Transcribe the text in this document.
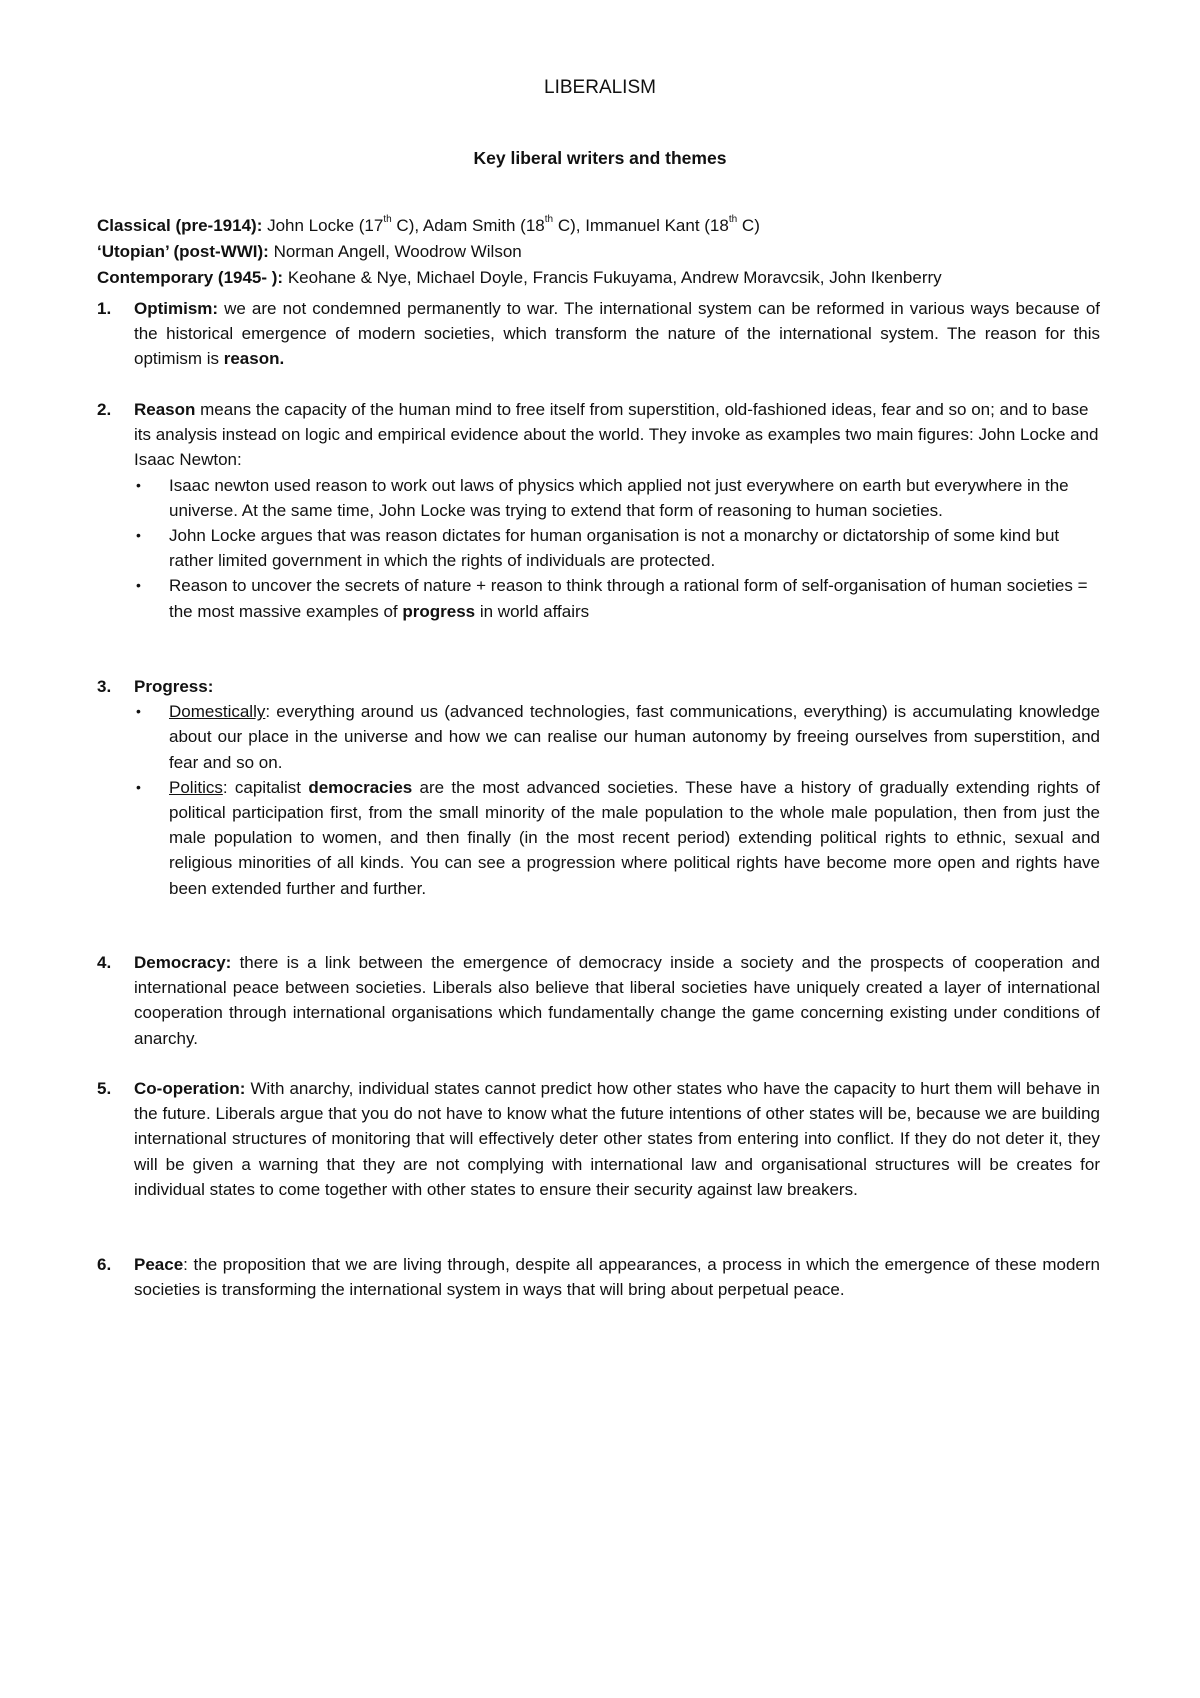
LIBERALISM
Key liberal writers and themes
Classical (pre-1914): John Locke (17th C), Adam Smith (18th C), Immanuel Kant (18th C)
‘Utopian’ (post-WWI): Norman Angell, Woodrow Wilson
Contemporary (1945- ): Keohane & Nye, Michael Doyle, Francis Fukuyama, Andrew Moravcsik, John Ikenberry
1.	Optimism: we are not condemned permanently to war. The international system can be reformed in various ways because of the historical emergence of modern societies, which transform the nature of the international system. The reason for this optimism is reason.
2.	Reason means the capacity of the human mind to free itself from superstition, old-fashioned ideas, fear and so on; and to base its analysis instead on logic and empirical evidence about the world. They invoke as examples two main figures: John Locke and Isaac Newton:
• Isaac newton used reason to work out laws of physics which applied not just everywhere on earth but everywhere in the universe. At the same time, John Locke was trying to extend that form of reasoning to human societies.
• John Locke argues that was reason dictates for human organisation is not a monarchy or dictatorship of some kind but rather limited government in which the rights of individuals are protected.
• Reason to uncover the secrets of nature + reason to think through a rational form of self-organisation of human societies = the most massive examples of progress in world affairs
3.	Progress:
• Domestically: everything around us (advanced technologies, fast communications, everything) is accumulating knowledge about our place in the universe and how we can realise our human autonomy by freeing ourselves from superstition, and fear and so on.
• Politics: capitalist democracies are the most advanced societies. These have a history of gradually extending rights of political participation first, from the small minority of the male population to the whole male population, then from just the male population to women, and then finally (in the most recent period) extending political rights to ethnic, sexual and religious minorities of all kinds. You can see a progression where political rights have become more open and rights have been extended further and further.
4.	Democracy: there is a link between the emergence of democracy inside a society and the prospects of cooperation and international peace between societies. Liberals also believe that liberal societies have uniquely created a layer of international cooperation through international organisations which fundamentally change the game concerning existing under conditions of anarchy.
5.	Co-operation: With anarchy, individual states cannot predict how other states who have the capacity to hurt them will behave in the future. Liberals argue that you do not have to know what the future intentions of other states will be, because we are building international structures of monitoring that will effectively deter other states from entering into conflict. If they do not deter it, they will be given a warning that they are not complying with international law and organisational structures will be creates for individual states to come together with other states to ensure their security against law breakers.
6.	Peace: the proposition that we are living through, despite all appearances, a process in which the emergence of these modern societies is transforming the international system in ways that will bring about perpetual peace.
